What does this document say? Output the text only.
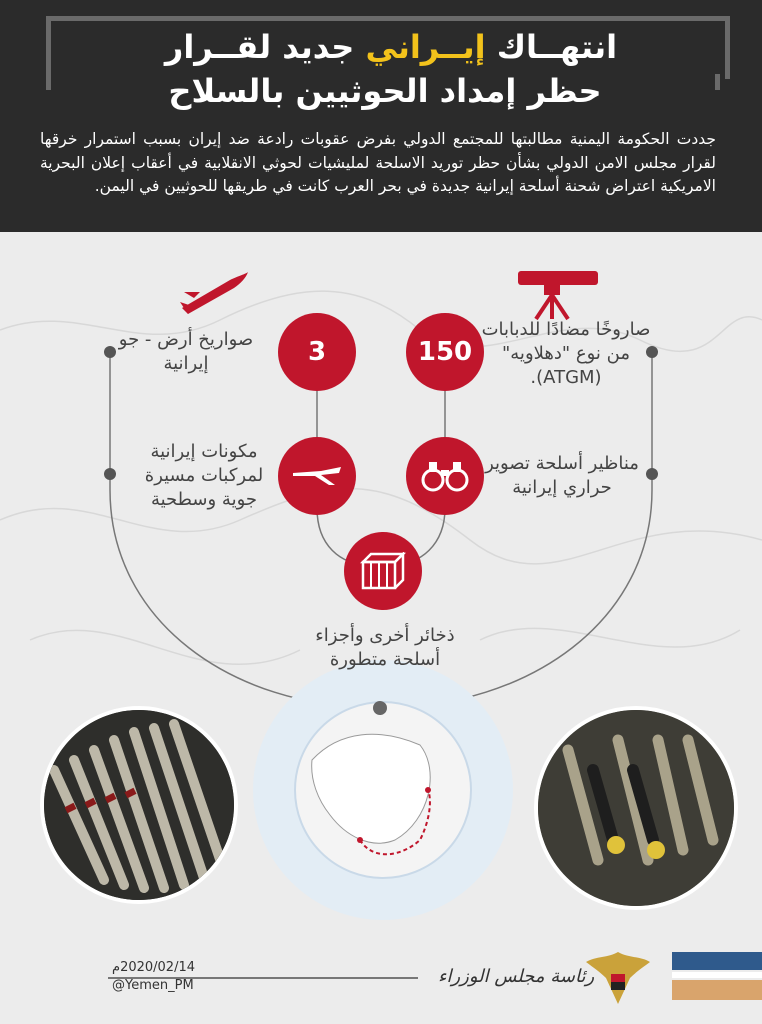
انتهــاك إيــراني جديد لقــرار
حظر إمداد الحوثيين بالسلاح
جددت الحكومة اليمنية مطالبتها للمجتمع الدولي بفرض عقوبات رادعة ضد إيران بسبب استمرار خرقها لقرار مجلس الامن الدولي بشأن حظر توريد الاسلحة لمليشيات لحوثي الانقلابية في أعقاب إعلان البحرية الامريكية اعتراض شحنة أسلحة إيرانية جديدة في بحر العرب كانت في طريقها للحوثيين في اليمن.
3	150
صواريخ أرض - جو إيرانية
صاروخًا مضادًا للدبابات من نوع "دهلاويه" (ATGM).
مكونات إيرانية لمركبات مسيرة جوية وسطحية
مناظير أسلحة تصوير حراري إيرانية
ذخائر أخرى وأجزاء أسلحة متطورة
2020/02/14م
@Yemen_PM	رئاسة مجلس الوزراء
